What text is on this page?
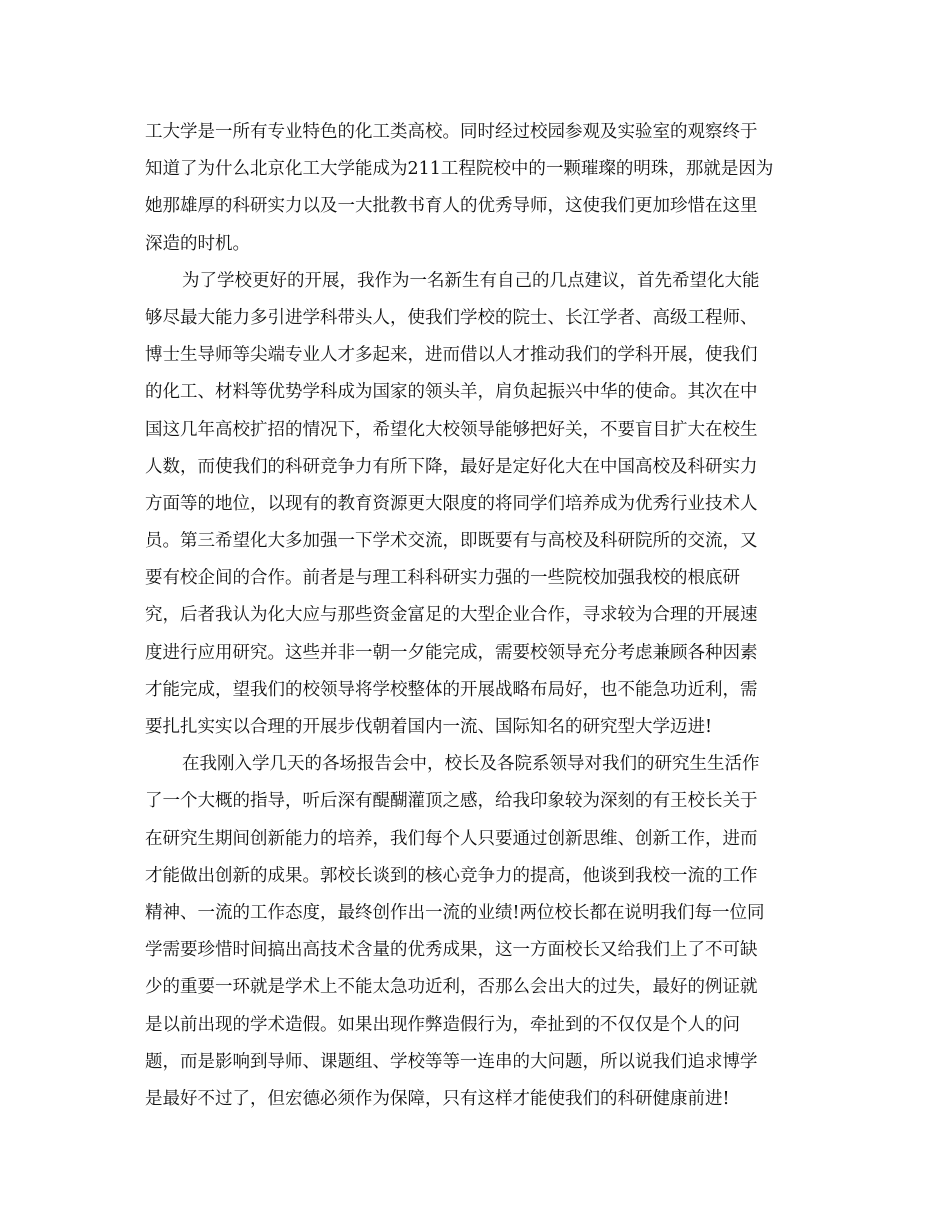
工大学是一所有专业特色的化工类高校。同时经过校园参观及实验室的观察终于
知道了为什么北京化工大学能成为211工程院校中的一颗璀璨的明珠，那就是因为
她那雄厚的科研实力以及一大批教书育人的优秀导师，这使我们更加珍惜在这里
深造的时机。
为了学校更好的开展，我作为一名新生有自己的几点建议，首先希望化大能
够尽最大能力多引进学科带头人，使我们学校的院士、长江学者、高级工程师、
博士生导师等尖端专业人才多起来，进而借以人才推动我们的学科开展，使我们
的化工、材料等优势学科成为国家的领头羊，肩负起振兴中华的使命。其次在中
国这几年高校扩招的情况下，希望化大校领导能够把好关，不要盲目扩大在校生
人数，而使我们的科研竞争力有所下降，最好是定好化大在中国高校及科研实力
方面等的地位，以现有的教育资源更大限度的将同学们培养成为优秀行业技术人
员。第三希望化大多加强一下学术交流，即既要有与高校及科研院所的交流，又
要有校企间的合作。前者是与理工科科研实力强的一些院校加强我校的根底研
究，后者我认为化大应与那些资金富足的大型企业合作，寻求较为合理的开展速
度进行应用研究。这些并非一朝一夕能完成，需要校领导充分考虑兼顾各种因素
才能完成，望我们的校领导将学校整体的开展战略布局好，也不能急功近利，需
要扎扎实实以合理的开展步伐朝着国内一流、国际知名的研究型大学迈进!
在我刚入学几天的各场报告会中，校长及各院系领导对我们的研究生生活作
了一个大概的指导，听后深有醍醐灌顶之感，给我印象较为深刻的有王校长关于
在研究生期间创新能力的培养，我们每个人只要通过创新思维、创新工作，进而
才能做出创新的成果。郭校长谈到的核心竞争力的提高，他谈到我校一流的工作
精神、一流的工作态度，最终创作出一流的业绩!两位校长都在说明我们每一位同
学需要珍惜时间搞出高技术含量的优秀成果，这一方面校长又给我们上了不可缺
少的重要一环就是学术上不能太急功近利，否那么会出大的过失，最好的例证就
是以前出现的学术造假。如果出现作弊造假行为，牵扯到的不仅仅是个人的问
题，而是影响到导师、课题组、学校等等一连串的大问题，所以说我们追求博学
是最好不过了，但宏德必须作为保障，只有这样才能使我们的科研健康前进!
